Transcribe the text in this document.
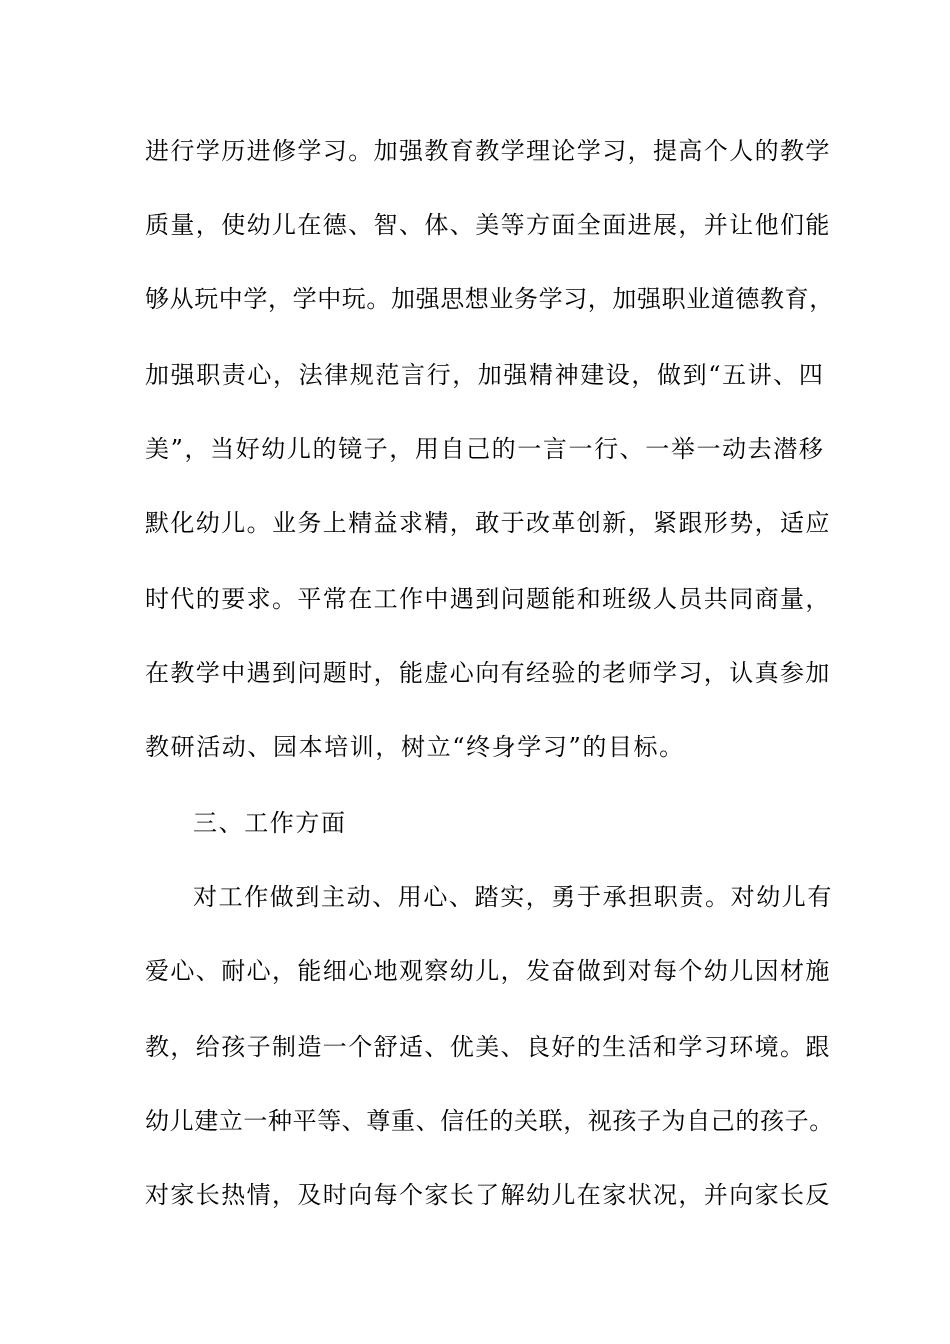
进行学历进修学习。加强教育教学理论学习，提高个人的教学
质量，使幼儿在德、智、体、美等方面全面进展，并让他们能
够从玩中学，学中玩。加强思想业务学习，加强职业道德教育，
加强职责心，法律规范言行，加强精神建设，做到“五讲、四
美”，当好幼儿的镜子，用自己的一言一行、一举一动去潜移
默化幼儿。业务上精益求精，敢于改革创新，紧跟形势，适应
时代的要求。平常在工作中遇到问题能和班级人员共同商量，
在教学中遇到问题时，能虚心向有经验的老师学习，认真参加
教研活动、园本培训，树立“终身学习”的目标。
三、工作方面
对工作做到主动、用心、踏实，勇于承担职责。对幼儿有
爱心、耐心，能细心地观察幼儿，发奋做到对每个幼儿因材施
教，给孩子制造一个舒适、优美、良好的生活和学习环境。跟
幼儿建立一种平等、尊重、信任的关联，视孩子为自己的孩子。
对家长热情，及时向每个家长了解幼儿在家状况，并向家长反
